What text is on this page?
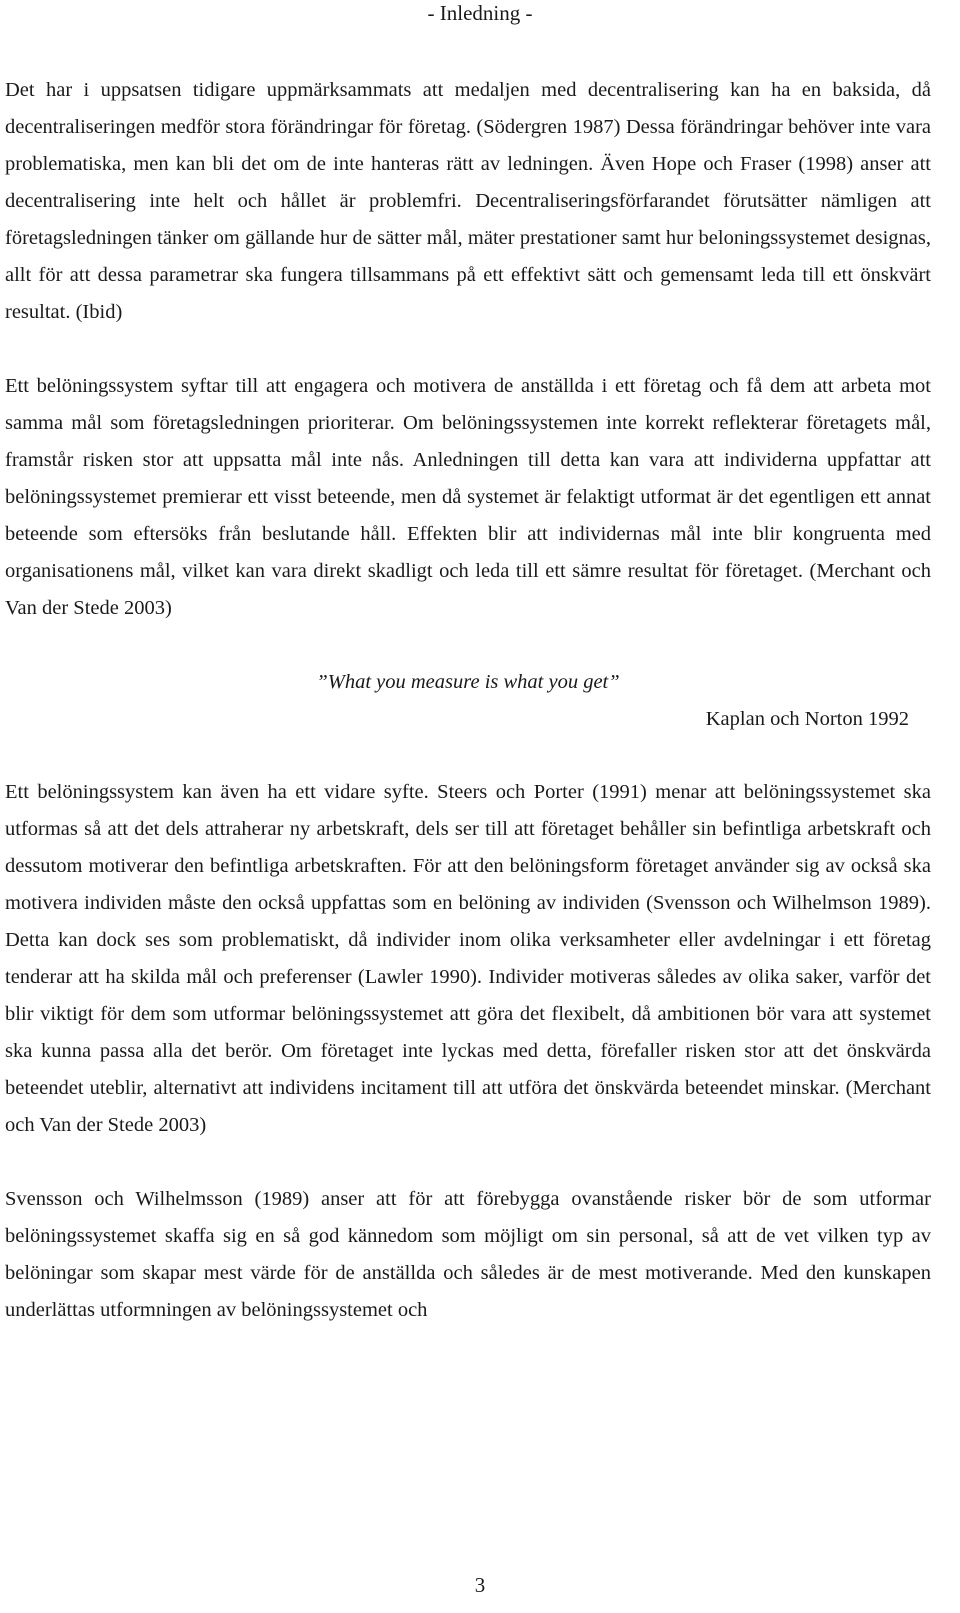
- Inledning -

Det har i uppsatsen tidigare uppmärksammats att medaljen med decentralisering kan ha en baksida, då decentraliseringen medför stora förändringar för företag. (Södergren 1987) Dessa förändringar behöver inte vara problematiska, men kan bli det om de inte hanteras rätt av ledningen. Även Hope och Fraser (1998) anser att decentralisering inte helt och hållet är problemfri. Decentraliseringsförfarandet förutsätter nämligen att företagsledningen tänker om gällande hur de sätter mål, mäter prestationer samt hur beloningssystemet designas, allt för att dessa parametrar ska fungera tillsammans på ett effektivt sätt och gemensamt leda till ett önskvärt resultat. (Ibid)

Ett belöningssystem syftar till att engagera och motivera de anställda i ett företag och få dem att arbeta mot samma mål som företagsledningen prioriterar. Om belöningssystemen inte korrekt reflekterar företagets mål, framstår risken stor att uppsatta mål inte nås. Anledningen till detta kan vara att individerna uppfattar att belöningssystemet premierar ett visst beteende, men då systemet är felaktigt utformat är det egentligen ett annat beteende som eftersöks från beslutande håll. Effekten blir att individernas mål inte blir kongruenta med organisationens mål, vilket kan vara direkt skadligt och leda till ett sämre resultat för företaget. (Merchant och Van der Stede 2003)

”What you measure is what you get”
Kaplan och Norton 1992

Ett belöningssystem kan även ha ett vidare syfte. Steers och Porter (1991) menar att belöningssystemet ska utformas så att det dels attraherar ny arbetskraft, dels ser till att företaget behåller sin befintliga arbetskraft och dessutom motiverar den befintliga arbetskraften. För att den belöningsform företaget använder sig av också ska motivera individen måste den också uppfattas som en belöning av individen (Svensson och Wilhelmson 1989). Detta kan dock ses som problematiskt, då individer inom olika verksamheter eller avdelningar i ett företag tenderar att ha skilda mål och preferenser (Lawler 1990). Individer motiveras således av olika saker, varför det blir viktigt för dem som utformar belöningssystemet att göra det flexibelt, då ambitionen bör vara att systemet ska kunna passa alla det berör. Om företaget inte lyckas med detta, förefaller risken stor att det önskvärda beteendet uteblir, alternativt att individens incitament till att utföra det önskvärda beteendet minskar. (Merchant och Van der Stede 2003)

Svensson och Wilhelmsson (1989) anser att för att förebygga ovanstående risker bör de som utformar belöningssystemet skaffa sig en så god kännedom som möjligt om sin personal, så att de vet vilken typ av belöningar som skapar mest värde för de anställda och således är de mest motiverande. Med den kunskapen underlättas utformningen av belöningssystemet och

3
